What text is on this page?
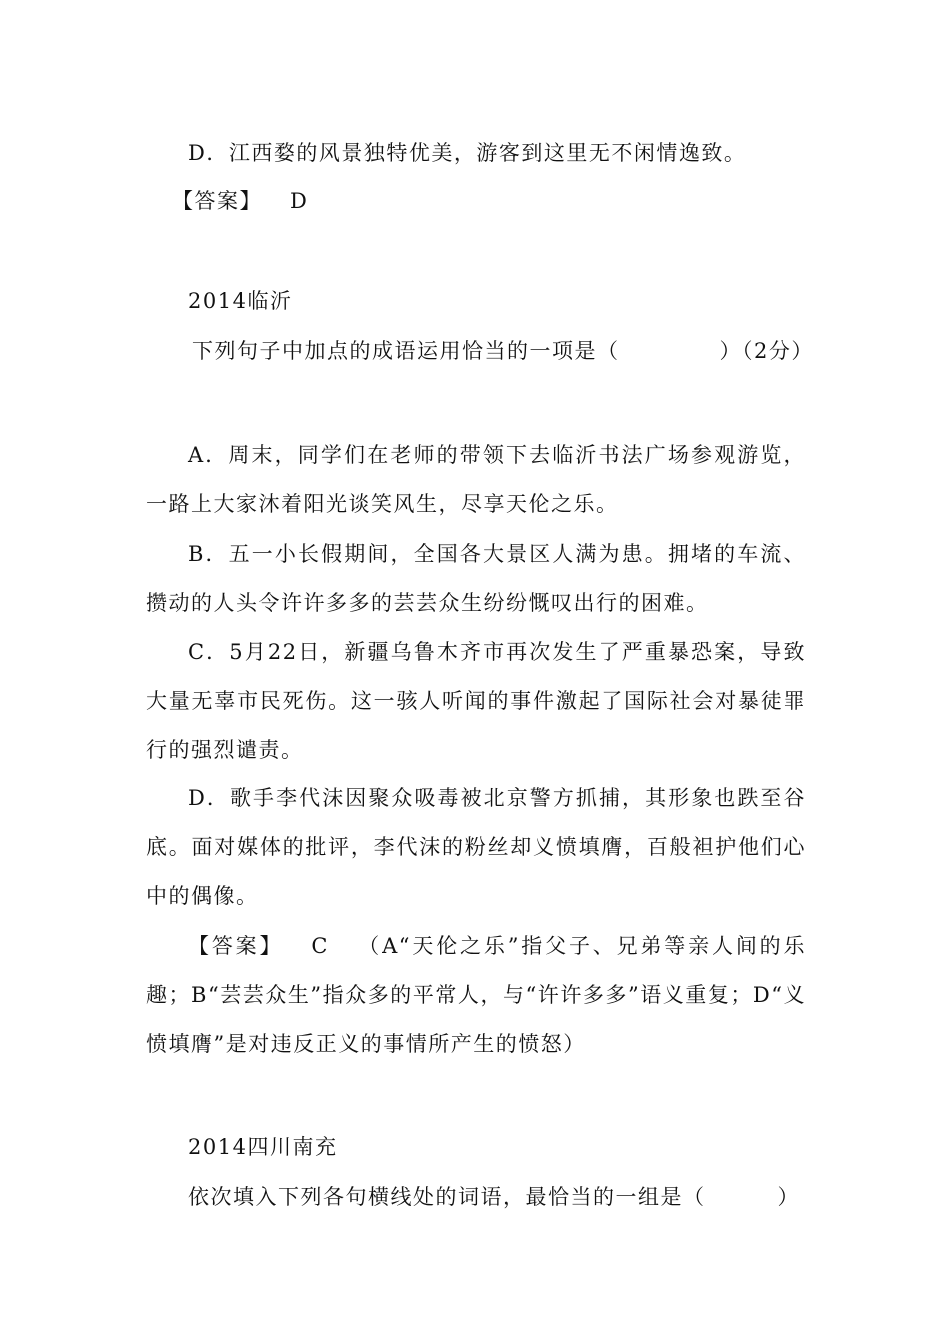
D．江西婺的风景独特优美，游客到这里无不闲情逸致。
【答案】 D
2014临沂
下列句子中加点的成语运用恰当的一项是（	）（2分）

A．周末，同学们在老师的带领下去临沂书法广场参观游览，一路上大家沐着阳光谈笑风生，尽享天伦之乐。

B．五一小长假期间，全国各大景区人满为患。拥堵的车流、攒动的人头令许许多多的芸芸众生纷纷慨叹出行的困难。

C．5月22日，新疆乌鲁木齐市再次发生了严重暴恐案，导致大量无辜市民死伤。这一骇人听闻的事件激起了国际社会对暴徒罪行的强烈谴责。

D．歌手李代沫因聚众吸毒被北京警方抓捕，其形象也跌至谷底。面对媒体的批评，李代沫的粉丝却义愤填膺，百般袒护他们心中的偶像。

【答案】 C （A“天伦之乐”指父子、兄弟等亲人间的乐趣；B“芸芸众生”指众多的平常人，与“许许多多”语义重复；D“义愤填膺”是对违反正义的事情所产生的愤怒）

2014四川南充
依次填入下列各句横线处的词语，最恰当的一组是（	）
